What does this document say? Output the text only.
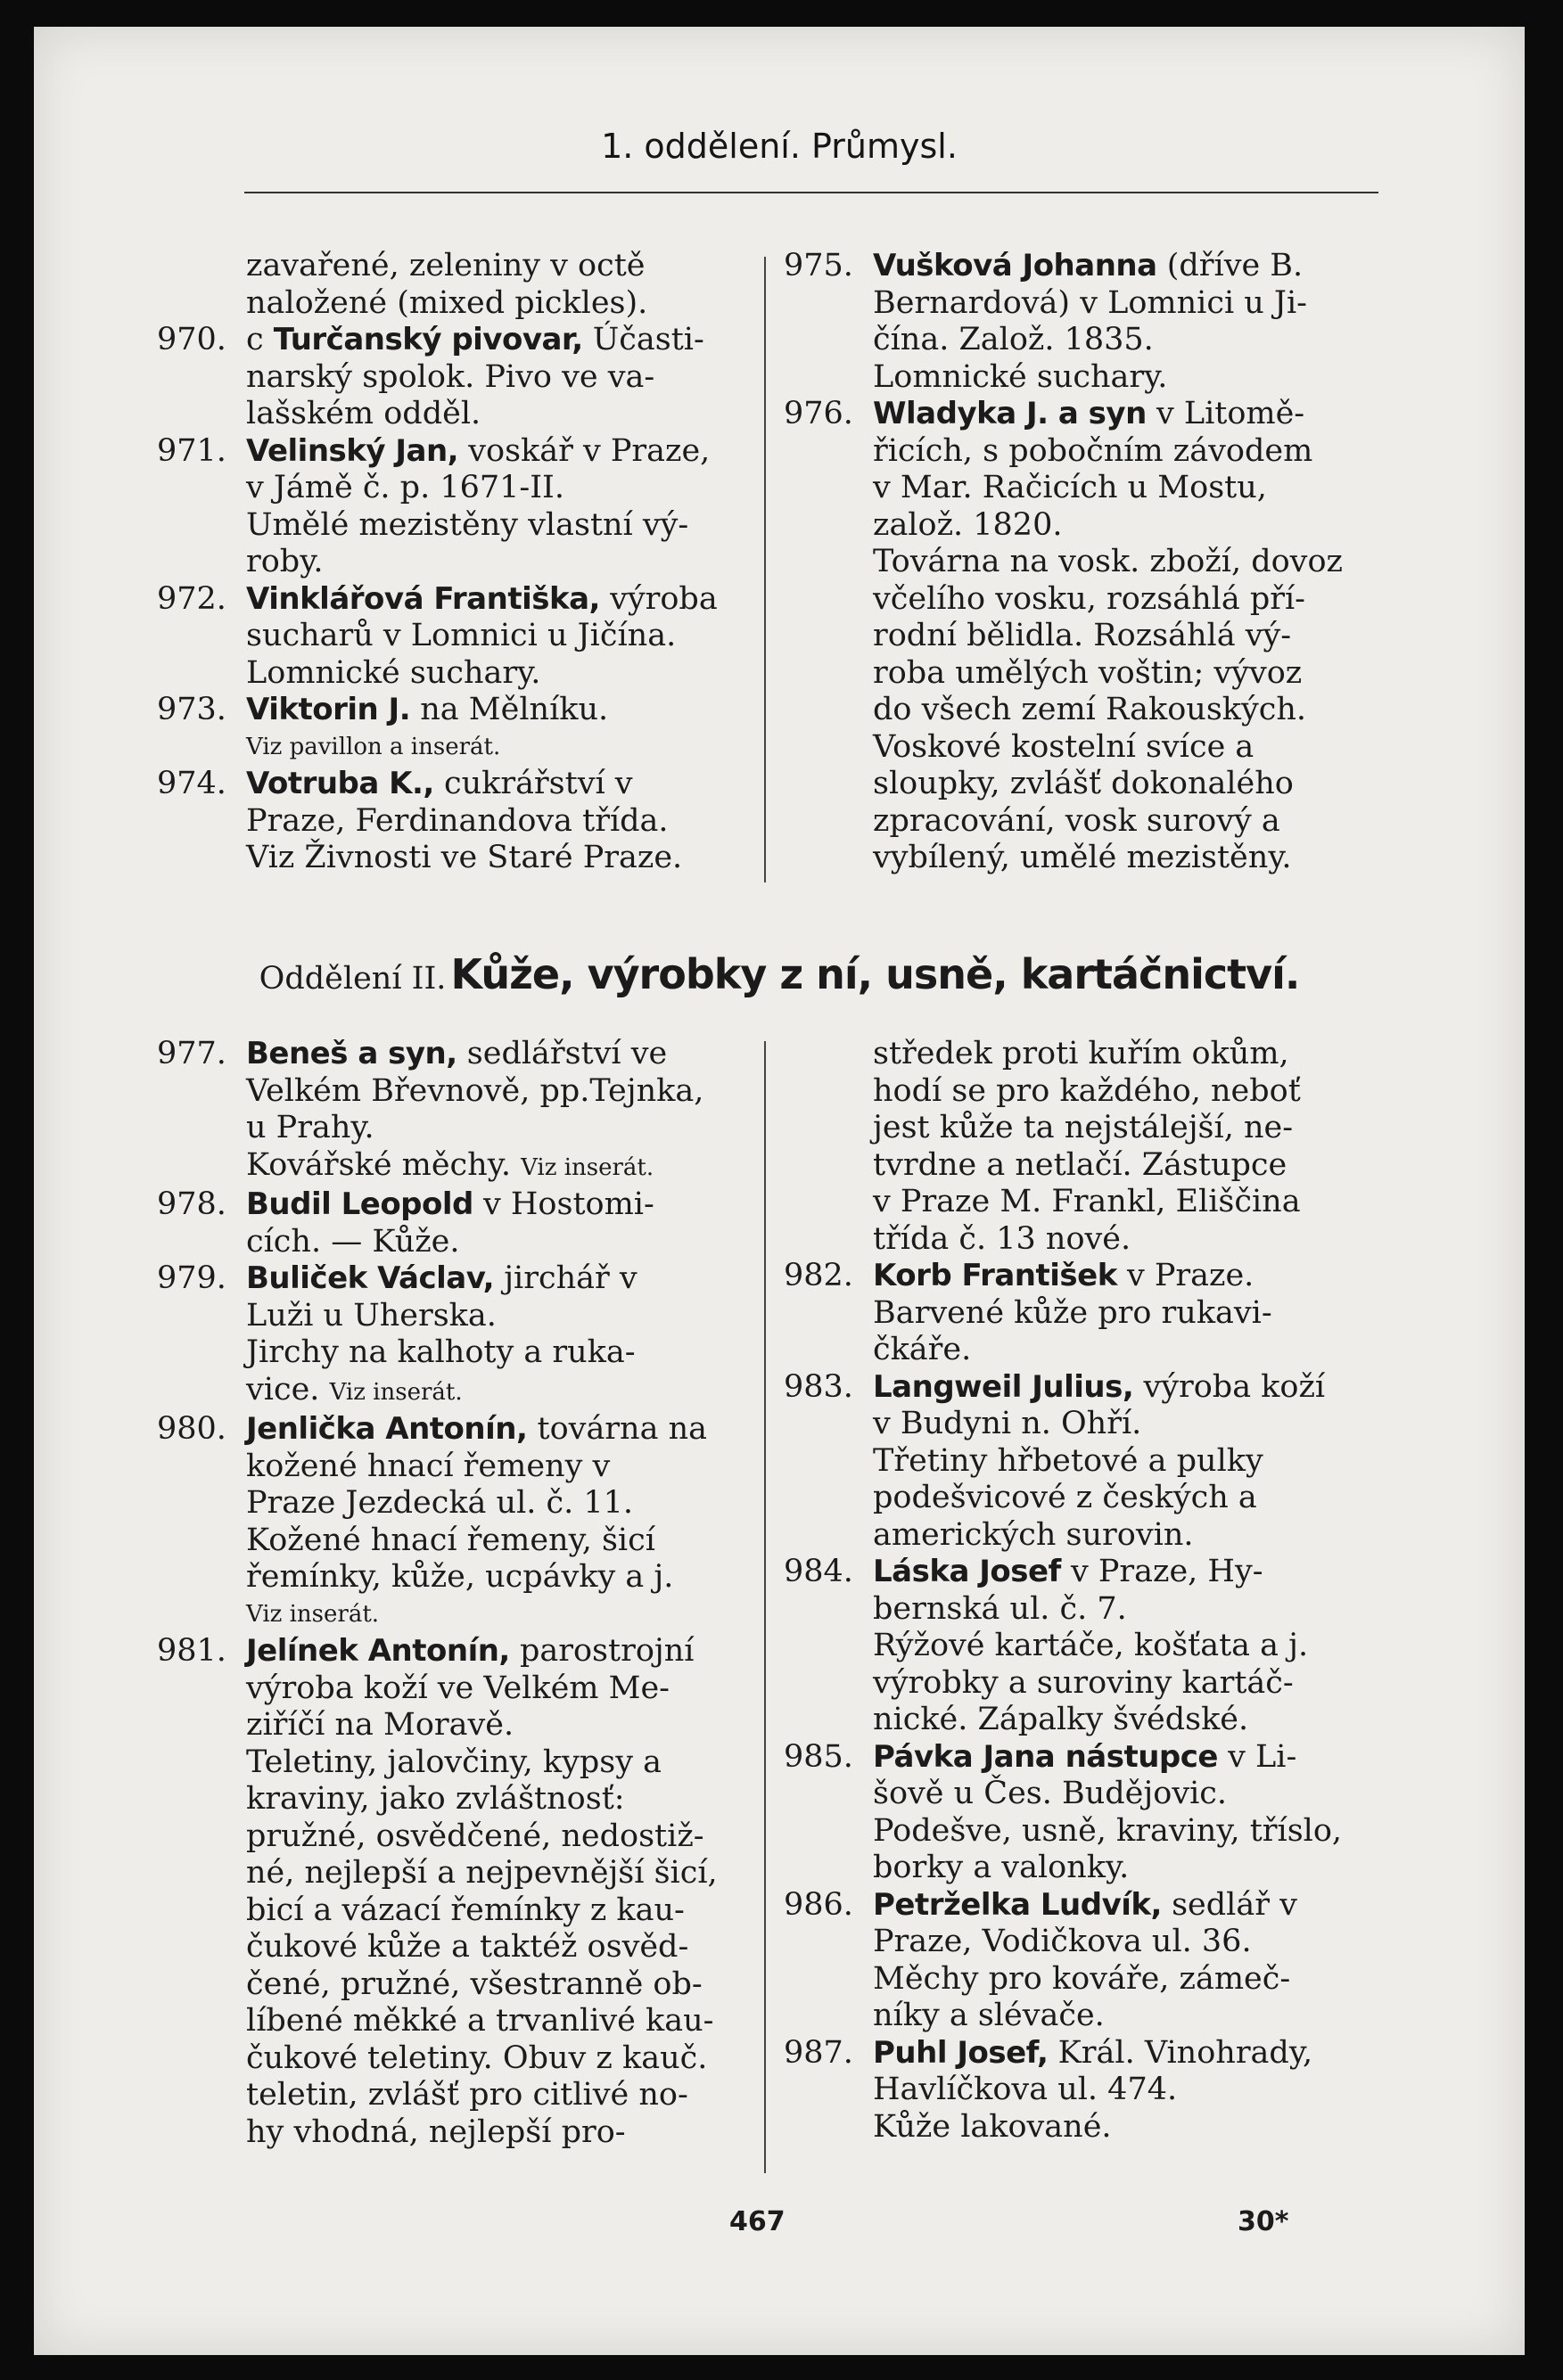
1. oddělení. Průmysl.
zavařené, zeleniny v octě
naložené (mixed pickles).
970. c Turčanský pivovar, Účasti-
narský spolok. Pivo ve va-
lašském odděl.
971. Velinský Jan, voskář v Praze,
v Jámě č. p. 1671-II.
Umělé mezistěny vlastní vý-
roby.
972. Vinklářová Františka, výroba
sucharů v Lomnici u Jičína.
Lomnické suchary.
973. Viktorin J. na Mělníku.
Viz pavillon a inserát.
974. Votruba K., cukrářství v
Praze, Ferdinandova třída.
Viz Živnosti ve Staré Praze.
975. Vušková Johanna (dříve B.
Bernardová) v Lomnici u Ji-
čína. Založ. 1835.
Lomnické suchary.
976. Wladyka J. a syn v Litomě-
řicích, s pobočním závodem
v Mar. Račicích u Mostu,
založ. 1820.
Továrna na vosk. zboží, dovoz
včelího vosku, rozsáhlá pří-
rodní bělidla. Rozsáhlá vý-
roba umělých voštin; vývoz
do všech zemí Rakouských.
Voskové kostelní svíce a
sloupky, zvlášť dokonalého
zpracování, vosk surový a
vybílený, umělé mezistěny.
Oddělení II. Kůže, výrobky z ní, usně, kartáčnictví.
977. Beneš a syn, sedlářství ve
Velkém Břevnově, pp.Tejnka,
u Prahy.
Kovářské měchy. Viz inserát.
978. Budil Leopold v Hostomi-
cích. — Kůže.
979. Buliček Václav, jirchář v
Luži u Uherska.
Jirchy na kalhoty a ruka-
vice. Viz inserát.
980. Jenlička Antonín, továrna na
kožené hnací řemeny v
Praze Jezdecká ul. č. 11.
Kožené hnací řemeny, šicí
řemínky, kůže, ucpávky a j.
Viz inserát.
981. Jelínek Antonín, parostrojní
výroba koží ve Velkém Me-
ziříčí na Moravě.
Teletiny, jalovčiny, kypsy a
kraviny, jako zvláštnosť:
pružné, osvědčené, nedostiž-
né, nejlepší a nejpevnější šicí,
bicí a vázací řemínky z kau-
čukové kůže a taktéž osvěd-
čené, pružné, všestranně ob-
líbené měkké a trvanlivé kau-
čukové teletiny. Obuv z kauč.
teletin, zvlášť pro citlivé no-
hy vhodná, nejlepší pro-
středek proti kuřím okům,
hodí se pro každého, neboť
jest kůže ta nejstálejší, ne-
tvrdne a netlačí. Zástupce
v Praze M. Frankl, Eliščina
třída č. 13 nové.
982. Korb František v Praze.
Barvené kůže pro rukavi-
čkáře.
983. Langweil Julius, výroba koží
v Budyni n. Ohří.
Třetiny hřbetové a pulky
podešvicové z českých a
amerických surovin.
984. Láska Josef v Praze, Hy-
bernská ul. č. 7.
Rýžové kartáče, košťata a j.
výrobky a suroviny kartáč-
nické. Zápalky švédské.
985. Pávka Jana nástupce v Li-
šově u Čes. Budějovic.
Podešve, usně, kraviny, tříslo,
borky a valonky.
986. Petrželka Ludvík, sedlář v
Praze, Vodičkova ul. 36.
Měchy pro kováře, zámeč-
níky a slévače.
987. Puhl Josef, Král. Vinohrady,
Havlíčkova ul. 474.
Kůže lakované.
467	30*
